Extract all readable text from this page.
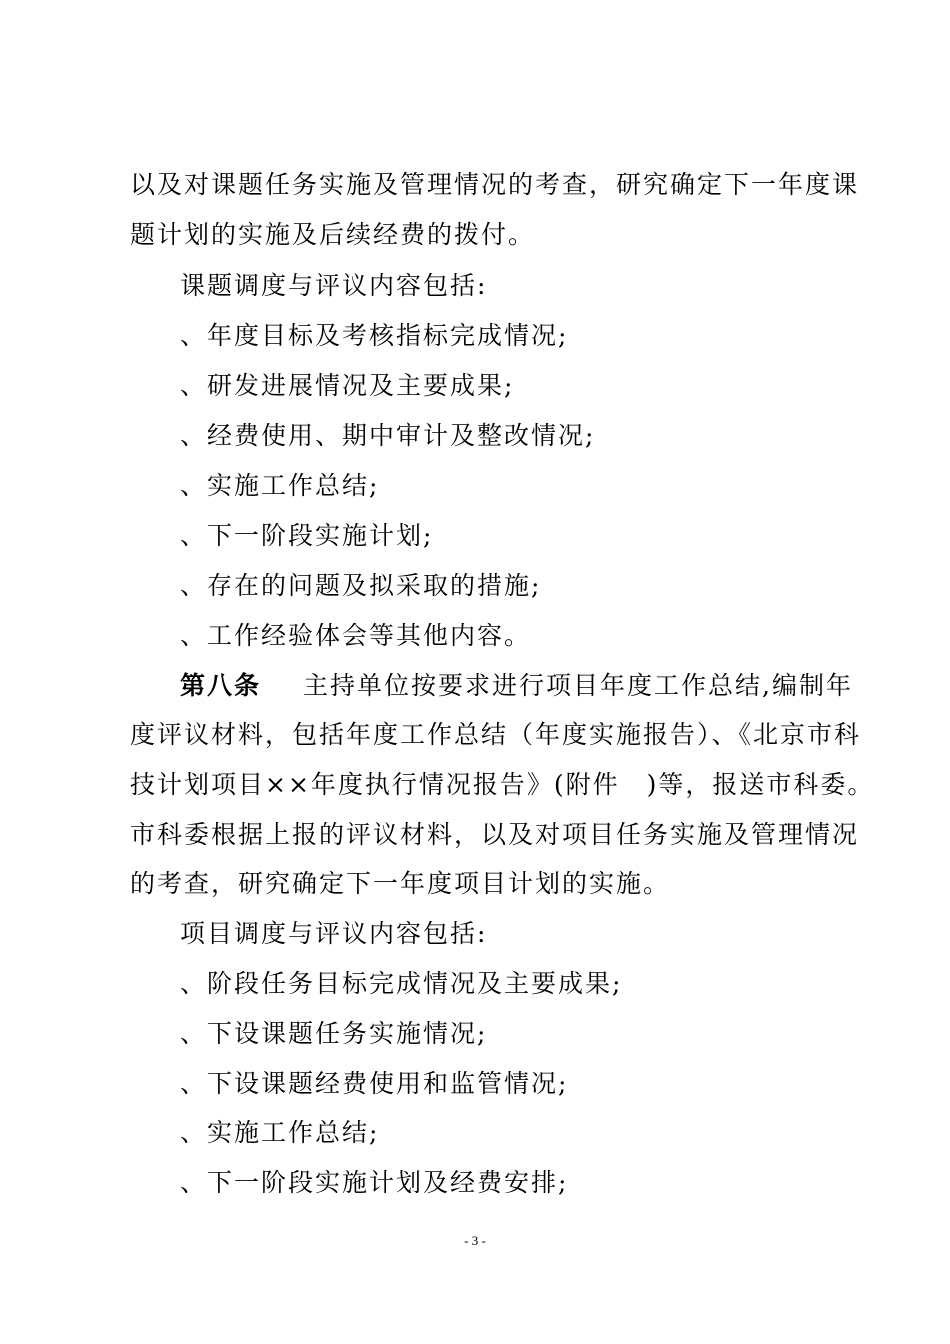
以及对课题任务实施及管理情况的考查，研究确定下一年度课
题计划的实施及后续经费的拨付。
课题调度与评议内容包括:
、年度目标及考核指标完成情况;
、研发进展情况及主要成果;
、经费使用、期中审计及整改情况;
、实施工作总结;
、下一阶段实施计划;
、存在的问题及拟采取的措施;
、工作经验体会等其他内容。
第八条 主持单位按要求进行项目年度工作总结,编制年
度评议材料，包括年度工作总结（年度实施报告）、《北京市科
技计划项目××年度执行情况报告》(附件　)等，报送市科委。
市科委根据上报的评议材料，以及对项目任务实施及管理情况
的考查，研究确定下一年度项目计划的实施。
项目调度与评议内容包括:
、阶段任务目标完成情况及主要成果;
、下设课题任务实施情况;
、下设课题经费使用和监管情况;
、实施工作总结;
、下一阶段实施计划及经费安排;
- 3 -
